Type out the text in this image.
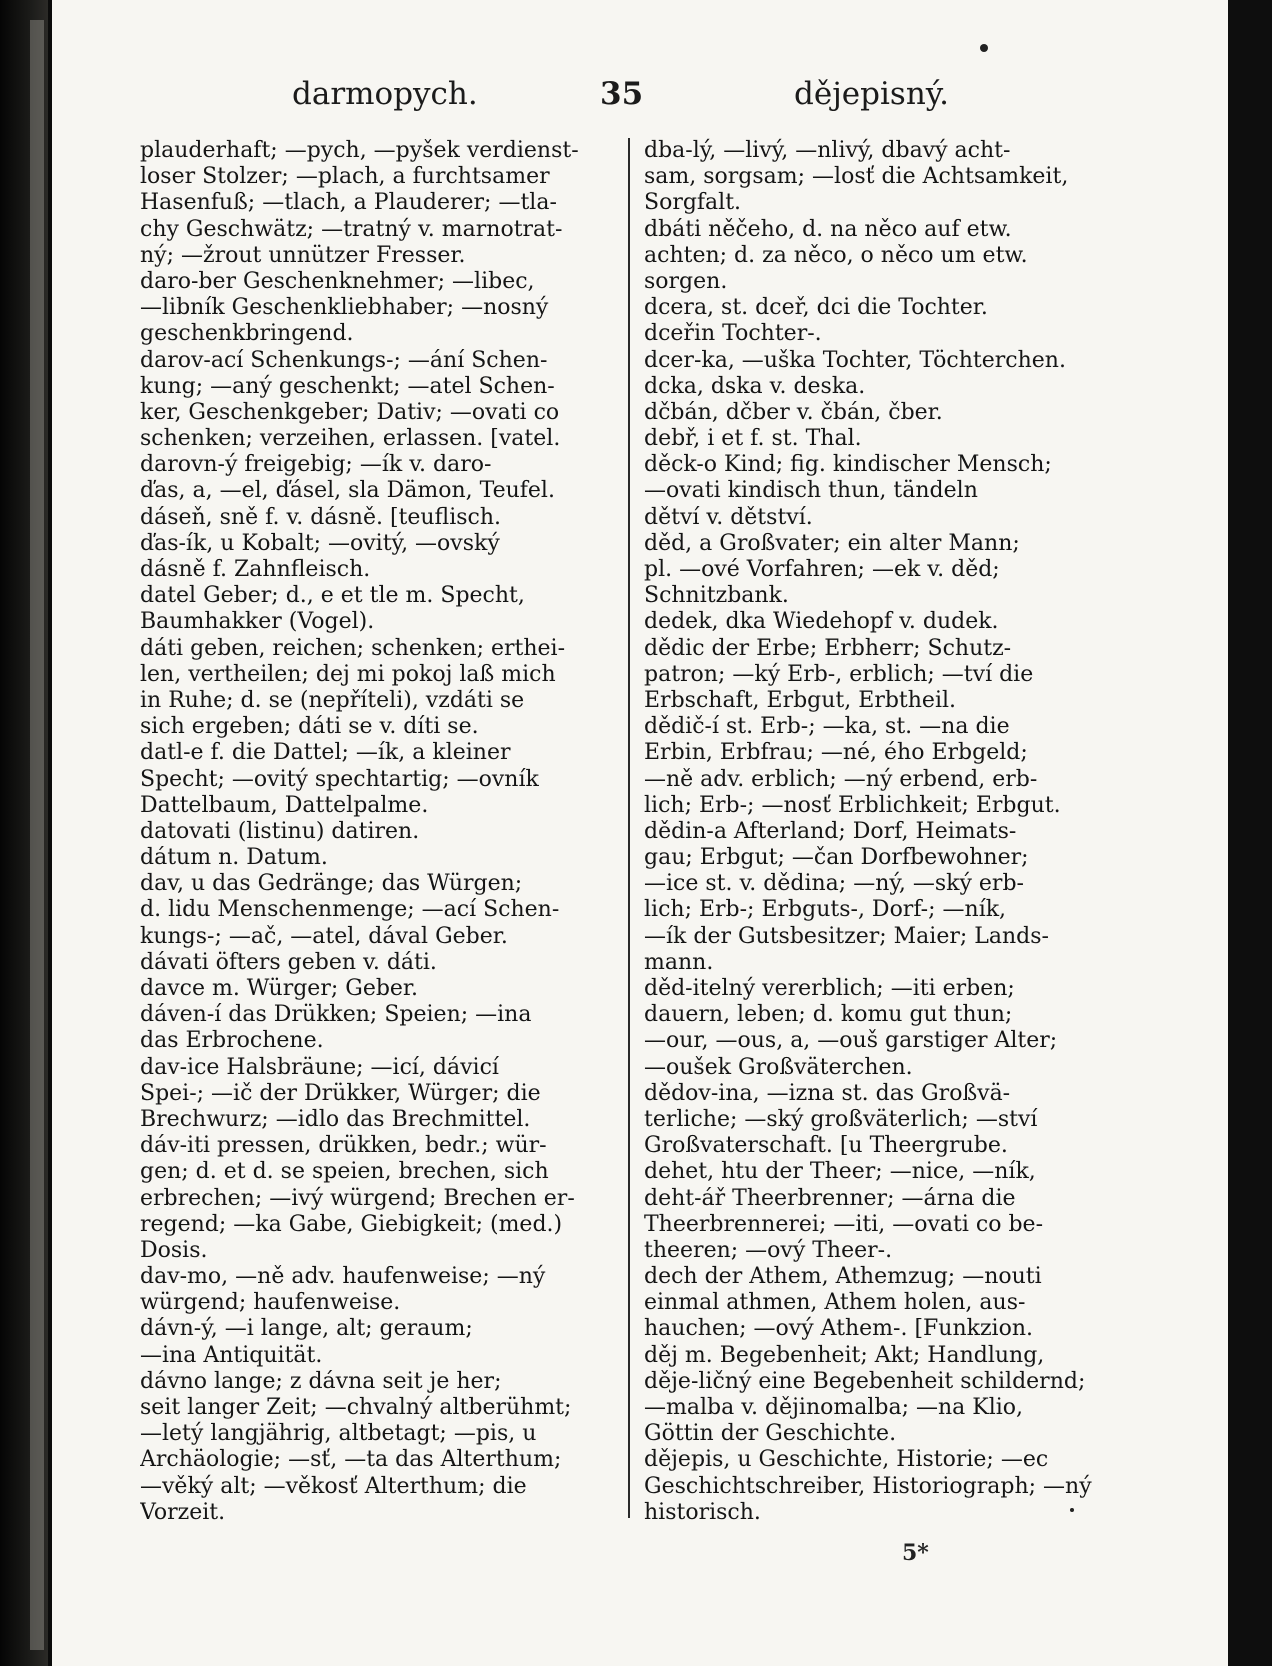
darmopych.	35	dějepisný.
plauderhaft; —pych, —pyšek verdienst-
loser Stolzer; —plach, a furchtsamer
Hasenfuß; —tlach, a Plauderer; —tla-
chy Geschwätz; —tratný v. marnotrat-
ný; —žrout unnützer Fresser.
daro-ber Geschenknehmer; —libec,
—libník Geschenkliebhaber; —nosný
geschenkbringend.
darov-ací Schenkungs-; —ání Schen-
kung; —aný geschenkt; —atel Schen-
ker, Geschenkgeber; Dativ; —ovati co
schenken; verzeihen, erlassen. [vatel.
darovn-ý freigebig; —ík v. daro-
ďas, a, —el, ďásel, sla Dämon, Teufel.
dáseň, sně f. v. dásně. [teuflisch.
ďas-ík, u Kobalt; —ovitý, —ovský
dásně f. Zahnfleisch.
datel Geber; d., e et tle m. Specht,
Baumhakker (Vogel).
dáti geben, reichen; schenken; erthei-
len, vertheilen; dej mi pokoj laß mich
in Ruhe; d. se (nepříteli), vzdáti se
sich ergeben; dáti se v. díti se.
datl-e f. die Dattel; —ík, a kleiner
Specht; —ovitý spechtartig; —ovník
Dattelbaum, Dattelpalme.
datovati (listinu) datiren.
dátum n. Datum.
dav, u das Gedränge; das Würgen;
d. lidu Menschenmenge; —ací Schen-
kungs-; —ač, —atel, dával Geber.
dávati öfters geben v. dáti.
davce m. Würger; Geber.
dáven-í das Drükken; Speien; —ina
das Erbrochene.
dav-ice Halsbräune; —icí, dávicí
Spei-; —ič der Drükker, Würger; die
Brechwurz; —idlo das Brechmittel.
dáv-iti pressen, drükken, bedr.; wür-
gen; d. et d. se speien, brechen, sich
erbrechen; —ivý würgend; Brechen er-
regend; —ka Gabe, Giebigkeit; (med.)
Dosis.
dav-mo, —ně adv. haufenweise; —ný
würgend; haufenweise.
dávn-ý, —i lange, alt; geraum;
—ina Antiquität.
dávno lange; z dávna seit je her;
seit langer Zeit; —chvalný altberühmt;
—letý langjährig, altbetagt; —pis, u
Archäologie; —sť, —ta das Alterthum;
—věký alt; —věkosť Alterthum; die
Vorzeit.
dba-lý, —livý, —nlivý, dbavý acht-
sam, sorgsam; —losť die Achtsamkeit,
Sorgfalt.
dbáti něčeho, d. na něco auf etw.
achten; d. za něco, o něco um etw.
sorgen.
dcera, st. dceř, dci die Tochter.
dceřin Tochter-.
dcer-ka, —uška Tochter, Töchterchen.
dcka, dska v. deska.
dčbán, dčber v. čbán, čber.
debř, i et f. st. Thal.
děck-o Kind; fig. kindischer Mensch;
—ovati kindisch thun, tändeln
dětví v. dětství.
děd, a Großvater; ein alter Mann;
pl. —ové Vorfahren; —ek v. děd;
Schnitzbank.
dedek, dka Wiedehopf v. dudek.
dědic der Erbe; Erbherr; Schutz-
patron; —ký Erb-, erblich; —tví die
Erbschaft, Erbgut, Erbtheil.
dědič-í st. Erb-; —ka, st. —na die
Erbin, Erbfrau; —né, ého Erbgeld;
—ně adv. erblich; —ný erbend, erb-
lich; Erb-; —nosť Erblichkeit; Erbgut.
dědin-a Afterland; Dorf, Heimats-
gau; Erbgut; —čan Dorfbewohner;
—ice st. v. dědina; —ný, —ský erb-
lich; Erb-; Erbguts-, Dorf-; —ník,
—ík der Gutsbesitzer; Maier; Lands-
mann.
děd-itelný vererblich; —iti erben;
dauern, leben; d. komu gut thun;
—our, —ous, a, —ouš garstiger Alter;
—oušek Großväterchen.
dědov-ina, —izna st. das Großvä-
terliche; —ský großväterlich; —ství
Großvaterschaft. [u Theergrube.
dehet, htu der Theer; —nice, —ník,
deht-ář Theerbrenner; —árna die
Theerbrennerei; —iti, —ovati co be-
theeren; —ový Theer-.
dech der Athem, Athemzug; —nouti
einmal athmen, Athem holen, aus-
hauchen; —ový Athem-. [Funkzion.
děj m. Begebenheit; Akt; Handlung,
děje-ličný eine Begebenheit schildernd;
—malba v. dějinomalba; —na Klio,
Göttin der Geschichte.
dějepis, u Geschichte, Historie; —ec
Geschichtschreiber, Historiograph; —ný
historisch.
5*
